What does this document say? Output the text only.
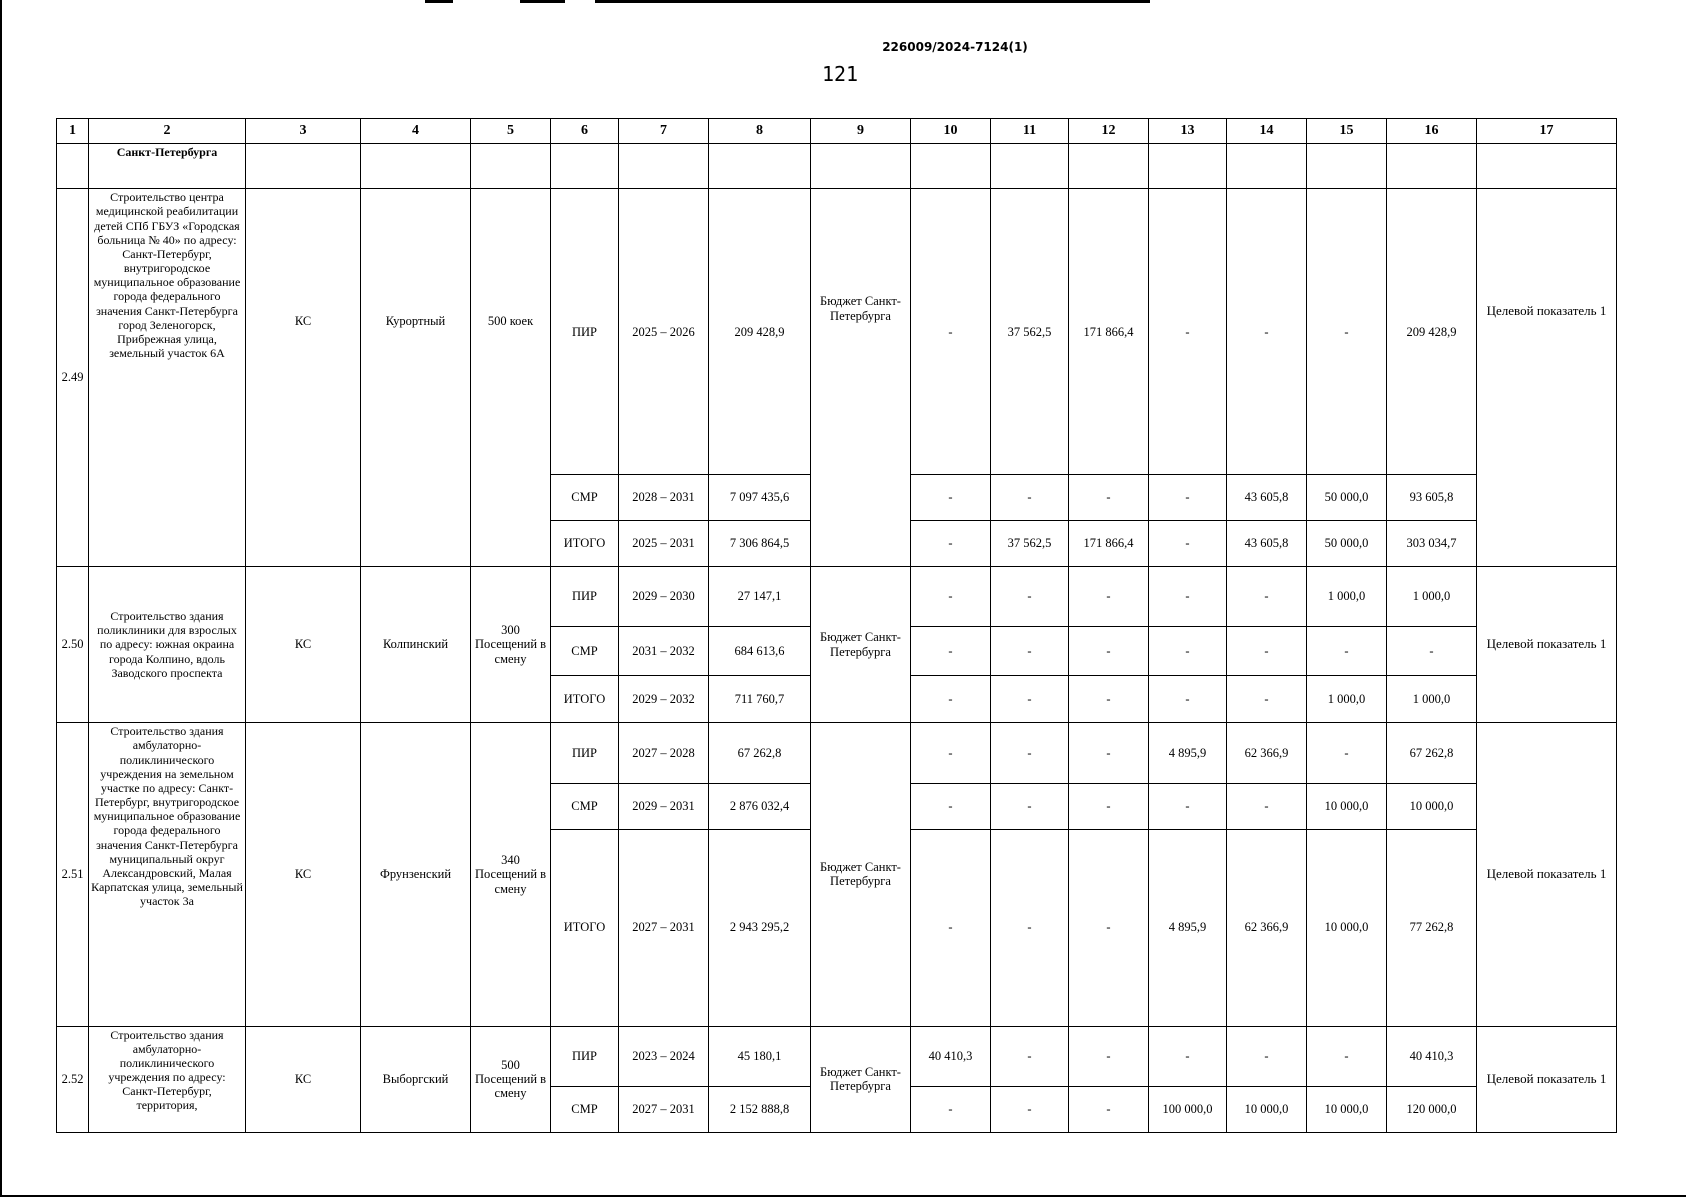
226009/2024-7124(1)
121
1	2	3	4	5	6	7	8	9	10	11	12	13	14	15	16	17
	Санкт-Петербурга															
2.49	Строительство центра медицинской реабилитации детей СПб ГБУЗ «Городская больница № 40» по адресу: Санкт-Петербург, внутригородское муниципальное образование города федерального значения Санкт-Петербурга город Зеленогорск, Прибрежная улица, земельный участок 6А	КС	Курортный	500 коек	ПИР	2025 – 2026	209 428,9	Бюджет Санкт-Петербурга	-	37 562,5	171 866,4	-	-	-	209 428,9	Целевой показатель 1
					СМР	2028 – 2031	7 097 435,6		-	-	-	-	43 605,8	50 000,0	93 605,8	
					ИТОГО	2025 – 2031	7 306 864,5		-	37 562,5	171 866,4	-	43 605,8	50 000,0	303 034,7	
2.50	Строительство здания поликлиники для взрослых по адресу: южная окраина города Колпино, вдоль Заводского проспекта	КС	Колпинский	300 Посещений в смену	ПИР	2029 – 2030	27 147,1	Бюджет Санкт-Петербурга	-	-	-	-	-	1 000,0	1 000,0	Целевой показатель 1
					СМР	2031 – 2032	684 613,6		-	-	-	-	-	-	-	
					ИТОГО	2029 – 2032	711 760,7		-	-	-	-	-	1 000,0	1 000,0	
2.51	Строительство здания амбулаторно-поликлинического учреждения на земельном участке по адресу: Санкт-Петербург, внутригородское муниципальное образование города федерального значения Санкт-Петербурга муниципальный округ Александровский, Малая Карпатская улица, земельный участок 3а	КС	Фрунзенский	340 Посещений в смену	ПИР	2027 – 2028	67 262,8	Бюджет Санкт-Петербурга	-	-	-	4 895,9	62 366,9	-	67 262,8	Целевой показатель 1
					СМР	2029 – 2031	2 876 032,4		-	-	-	-	-	10 000,0	10 000,0	
					ИТОГО	2027 – 2031	2 943 295,2		-	-	-	4 895,9	62 366,9	10 000,0	77 262,8	
2.52	Строительство здания амбулаторно-поликлинического учреждения по адресу: Санкт-Петербург, территория,	КС	Выборгский	500 Посещений в смену	ПИР	2023 – 2024	45 180,1	Бюджет Санкт-Петербурга	40 410,3	-	-	-	-	-	40 410,3	Целевой показатель 1
					СМР	2027 – 2031	2 152 888,8		-	-	-	100 000,0	10 000,0	10 000,0	120 000,0	
